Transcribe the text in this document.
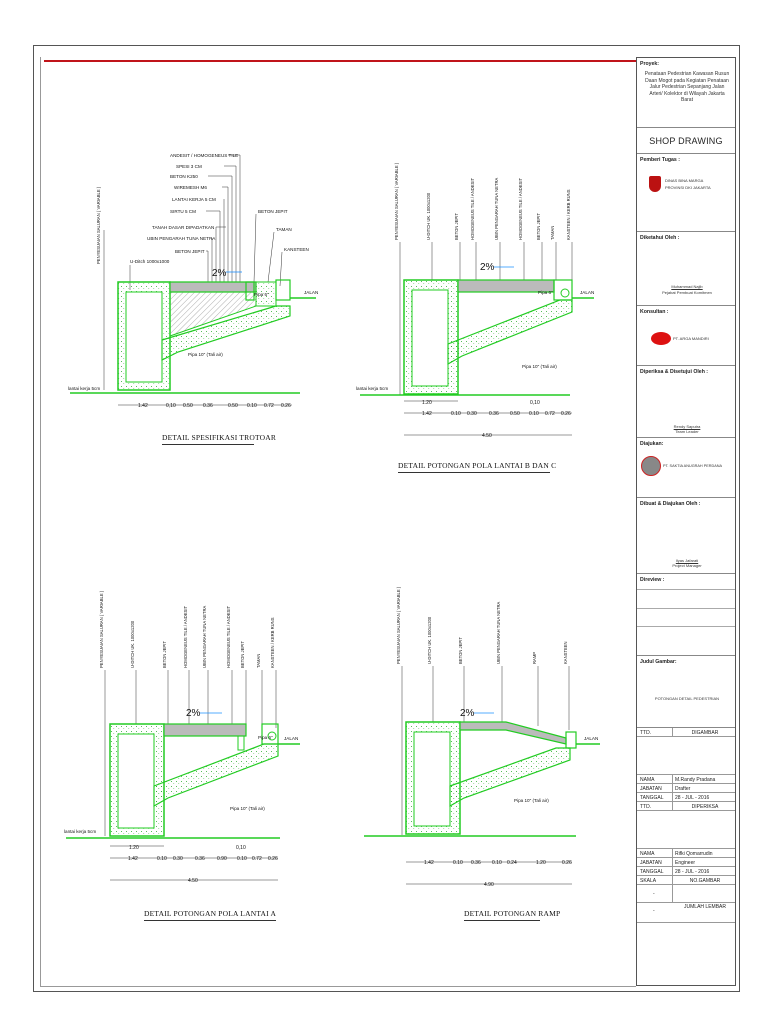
PENYESUAIAN SALURAN ( VARIABLE )
ANDESIT / HOMOGENEUS TILE
SPESI 3 CM
BETON K250
WIREMESH M6
LANTAI KERJA 5 CM
SIRTU 5 CM
TANAH DASAR DIPADATKAN
UBIN PENGARAH TUNA NETRA
BETON JEPIT
BETON JEPIT
TAMAN
KANSTEEN
U-Ditch 1000x1000
2%
Pipa 6"	JALAN
Pipa 10" (Tali air)
lantai kerja 5cm
1.42	0,10 0.50 0.36	0.50 0.10 0.72 0.26
PENYESUAIAN SALURAN ( VARIABLE )	U-DITCH UK. 1000x1200	BETON JEPIT	HOMOGENEUS TILE / ANDESIT	UBIN PENGARAH TUNA NETRA	HOMOGENEUS TILE / ANDESIT	BETON JEPIT TAMAN	KANSTEEN / KERB RUNS
2%
Pipa 6"	JALAN
Pipa 10" (Tali air)
lantai kerja 5cm
1.20	0,10
1.42	0.10 0.30 0.36 0.50 0.10 0.72 0.26
4.50
PENYESUAIAN SALURAN ( VARIABLE )	U-DITCH UK. 1000x1200	BETON JEPIT	HOMOGENEUS TILE / ANDESIT	UBIN PENGARAH TUNA NETRA	HOMOGENEUS TILE / ANDESIT BETON JEPIT	TAMAN KANSTEEN / KERB RUNS
2%
Pipa 6" JALAN
Pipa 10" (Tali air)
lantai kerja 5cm
1.20	0,10
1.42	0.10 0.30 0.36 0.90 0.10 0.72 0.26
4.50
PENYESUAIAN SALURAN ( VARIABLE )	U-DITCH UK. 1000x1200	BETON JEPIT	UBIN PENGARAH TUNA NETRA	RAMP	KANSTEEN
2%
JALAN
Pipa 10" (Tali air)
1.42	0.10 0.36 0.10 0.24	1.20	0.26
4.90
DETAIL SPESIFIKASI TROTOAR
DETAIL POTONGAN POLA LANTAI B DAN C
DETAIL POTONGAN POLA LANTAI A	DETAIL POTONGAN RAMP
Proyek:
Penataan Pedestrian Kawasan Rusun Daan Mogot pada Kegiatan Penataan Jalur Pedestrian Sepanjang Jalan Arteri/ Kolektor di Wilayah Jakarta Barat
SHOP DRAWING
Pemberi Tugas :
DINAS BINA MARGA
PROVINSI DKI JAKARTA
Diketahui Oleh :
Muhammad Najib
Pejabat Pembuat Komitmen
Konsultan :
PT. ARGA MANDIRI
Diperiksa & Disetujui Oleh :
Rendy Saputra
Team Leader
Diajukan:
PT. SAKTIA ANUGRAH PERDANA
Dibuat & Diajukan Oleh :
Ilyas Jafarati
Project Manager
Direview :
Judul Gambar:
POTONGAN DETAIL PEDESTRIAN
TTD.	DIGAMBAR
NAMA	M.Randy Pradana
JABATAN	Drafter
TANGGAL 28 - JUL - 2016
TTD.	DIPERIKSA
NAMA	Rifki Qomarrudin
JABATAN	Engineer
TANGGAL 28 - JUL - 2016
SKALA	NO.GAMBAR
-
-
JUMLAH LEMBAR
